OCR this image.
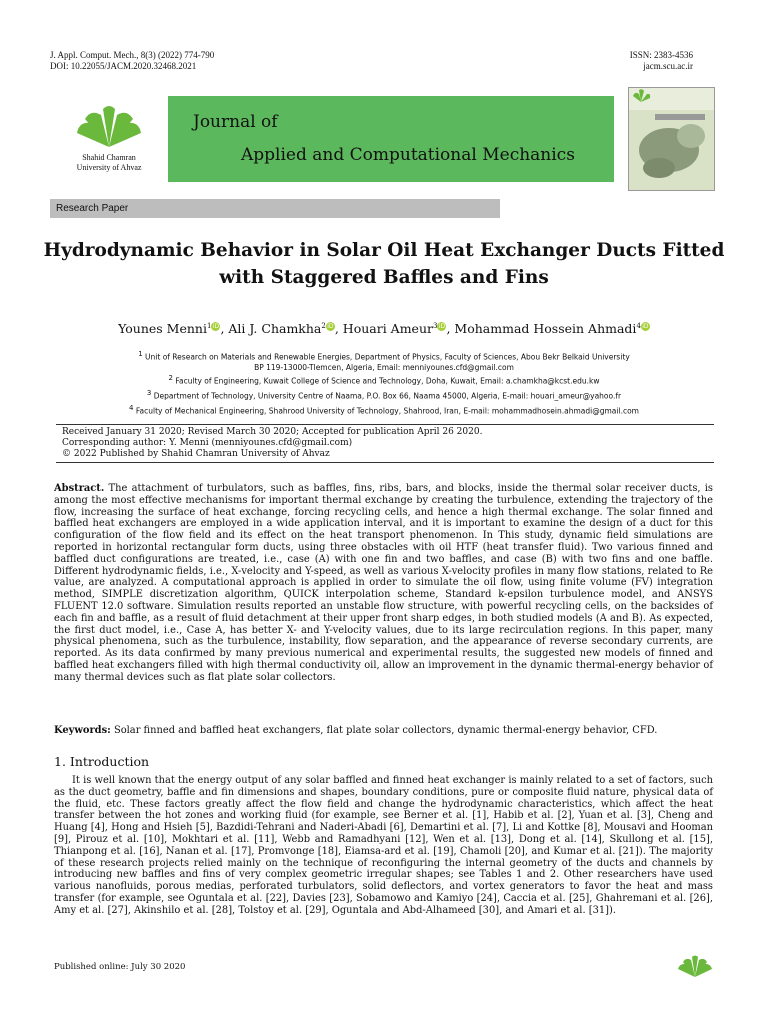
J. Appl. Comput. Mech., 8(3) (2022) 774-790
DOI: 10.22055/JACM.2020.32468.2021
ISSN: 2383-4536
jacm.scu.ac.ir
Shahid Chamran
University of Ahvaz
Journal of
Applied and Computational Mechanics
Research Paper
Hydrodynamic Behavior in Solar Oil Heat Exchanger Ducts Fitted
with Staggered Baffles and Fins
Younes Menni$^1$iD, Ali J. Chamkha$^2$iD, Houari Ameur$^3$iD, Mohammad Hossein Ahmadi$^4$iD
$^1$ Unit of Research on Materials and Renewable Energies, Department of Physics, Faculty of Sciences, Abou Bekr Belkaid University
BP 119-13000-Tlemcen, Algeria, Email: menniyounes.cfd@gmail.com
$^2$ Faculty of Engineering, Kuwait College of Science and Technology, Doha, Kuwait, Email: a.chamkha@kcst.edu.kw
$^3$ Department of Technology, University Centre of Naama, P.O. Box 66, Naama 45000, Algeria, E-mail: houari_ameur@yahoo.fr
$^4$ Faculty of Mechanical Engineering, Shahrood University of Technology, Shahrood, Iran, E-mail: mohammadhosein.ahmadi@gmail.com
Received January 31 2020; Revised March 30 2020; Accepted for publication April 26 2020.
Corresponding author: Y. Menni (menniyounes.cfd@gmail.com)
© 2022 Published by Shahid Chamran University of Ahvaz
Abstract. The attachment of turbulators, such as baffles, fins, ribs, bars, and blocks, inside the thermal solar receiver ducts, is among the most effective mechanisms for important thermal exchange by creating the turbulence, extending the trajectory of the flow, increasing the surface of heat exchange, forcing recycling cells, and hence a high thermal exchange. The solar finned and baffled heat exchangers are employed in a wide application interval, and it is important to examine the design of a duct for this configuration of the flow field and its effect on the heat transport phenomenon. In This study, dynamic field simulations are reported in horizontal rectangular form ducts, using three obstacles with oil HTF (heat transfer fluid). Two various finned and baffled duct configurations are treated, i.e., case (A) with one fin and two baffles, and case (B) with two fins and one baffle. Different hydrodynamic fields, i.e., X-velocity and Y-speed, as well as various X-velocity profiles in many flow stations, related to Re value, are analyzed. A computational approach is applied in order to simulate the oil flow, using finite volume (FV) integration method, SIMPLE discretization algorithm, QUICK interpolation scheme, Standard k-epsilon turbulence model, and ANSYS FLUENT 12.0 software. Simulation results reported an unstable flow structure, with powerful recycling cells, on the backsides of each fin and baffle, as a result of fluid detachment at their upper front sharp edges, in both studied models (A and B). As expected, the first duct model, i.e., Case A, has better X- and Y-velocity values, due to its large recirculation regions. In this paper, many physical phenomena, such as the turbulence, instability, flow separation, and the appearance of reverse secondary currents, are reported. As its data confirmed by many previous numerical and experimental results, the suggested new models of finned and baffled heat exchangers filled with high thermal conductivity oil, allow an improvement in the dynamic thermal-energy behavior of many thermal devices such as flat plate solar collectors.
Keywords: Solar finned and baffled heat exchangers, flat plate solar collectors, dynamic thermal-energy behavior, CFD.
1. Introduction
It is well known that the energy output of any solar baffled and finned heat exchanger is mainly related to a set of factors, such as the duct geometry, baffle and fin dimensions and shapes, boundary conditions, pure or composite fluid nature, physical data of the fluid, etc. These factors greatly affect the flow field and change the hydrodynamic characteristics, which affect the heat transfer between the hot zones and working fluid (for example, see Berner et al. [1], Habib et al. [2], Yuan et al. [3], Cheng and Huang [4], Hong and Hsieh [5], Bazdidi-Tehrani and Naderi-Abadi [6], Demartini et al. [7], Li and Kottke [8], Mousavi and Hooman [9], Pirouz et al. [10], Mokhtari et al. [11], Webb and Ramadhyani [12], Wen et al. [13], Dong et al. [14], Skullong et al. [15], Thianpong et al. [16], Nanan et al. [17], Promvonge [18], Eiamsa-ard et al. [19], Chamoli [20], and Kumar et al. [21]). The majority of these research projects relied mainly on the technique of reconfiguring the internal geometry of the ducts and channels by introducing new baffles and fins of very complex geometric irregular shapes; see Tables 1 and 2. Other researchers have used various nanofluids, porous medias, perforated turbulators, solid deflectors, and vortex generators to favor the heat and mass transfer (for example, see Oguntala et al. [22], Davies [23], Sobamowo and Kamiyo [24], Caccia et al. [25], Ghahremani et al. [26], Amy et al. [27], Akinshilo et al. [28], Tolstoy et al. [29], Oguntala and Abd-Alhameed [30], and Amari et al. [31]).
Published online: July 30 2020
